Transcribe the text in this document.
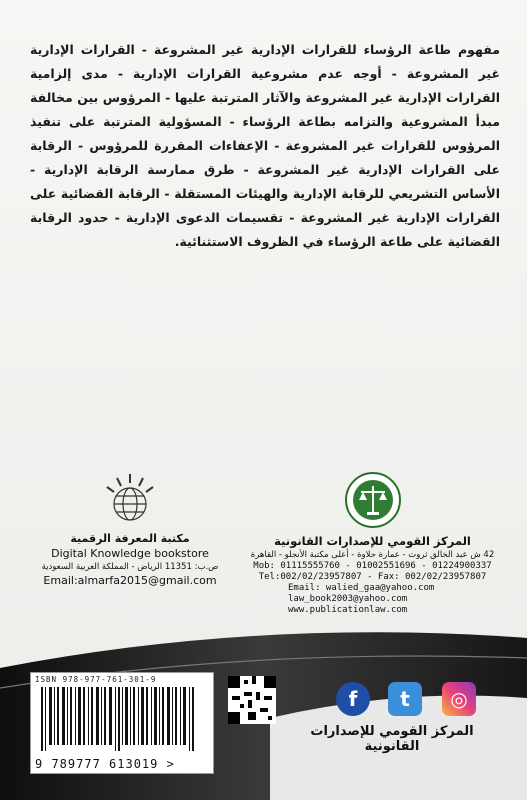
مفهوم طاعة الرؤساء للقرارات الإدارية غير المشروعة - القرارات الإدارية غير المشروعة - أوجه عدم مشروعية القرارات الإدارية - مدى إلزامية القرارات الإدارية غير المشروعة والآثار المترتبة عليها - المرؤوس بين مخالفة مبدأ المشروعية والتزامه بطاعة الرؤساء - المسؤولية المترتبة على تنفيذ المرؤوس للقرارات غير المشروعة - الإعفاءات المقررة للمرؤوس - الرقابة على القرارات الإدارية غير المشروعة - طرق ممارسة الرقابة الإدارية - الأساس التشريعي للرقابة الإدارية والهيئات المستقلة - الرقابة القضائية على القرارات الإدارية غير المشروعة - تقسيمات الدعوى الإدارية - حدود الرقابة القضائية على طاعة الرؤساء في الظروف الاستثنائية.
مكتبة المعرفة الرقمية
Digital Knowledge bookstore
ص.ب: 11351 الرياض - المملكة العربية السعودية
Email:almarfa2015@gmail.com
المركز القومي للإصدارات القانونية
42 ش عبد الخالق ثروت - عمارة حلاوة - أعلى مكتبة الأنجلو - القاهرة
Mob: 01115555760 - 01002551696 - 01224900337
Tel:002/02/23957807 - Fax: 002/02/23957807
Email: walied_gaa@yahoo.com
law_book2003@yahoo.com
www.publicationlaw.com
ISBN 978-977-761-301-9
9 789777 613019 >
f	t	◎
المركز القومي للإصدارات القانونية
